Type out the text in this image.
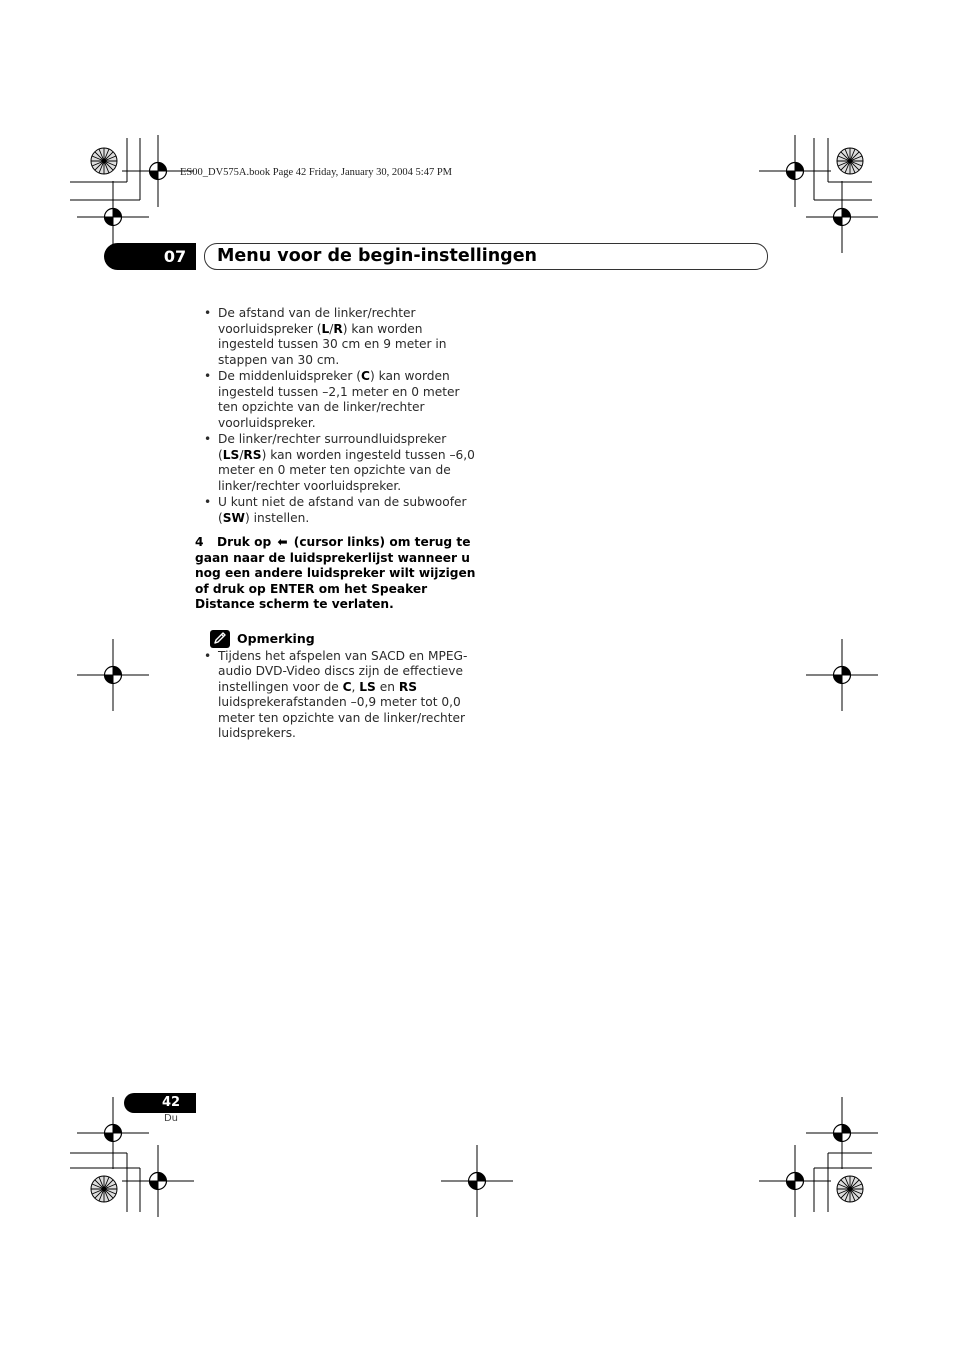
ES00_DV575A.book Page 42 Friday, January 30, 2004 5:47 PM
07 Menu voor de begin-instellingen
• De afstand van de linker/rechter voorluidspreker (L/R) kan worden ingesteld tussen 30 cm en 9 meter in stappen van 30 cm.
• De middenluidspreker (C) kan worden ingesteld tussen –2,1 meter en 0 meter ten opzichte van de linker/rechter voorluidspreker.
• De linker/rechter surroundluidspreker (LS/RS) kan worden ingesteld tussen –6,0 meter en 0 meter ten opzichte van de linker/rechter voorluidspreker.
• U kunt niet de afstand van de subwoofer (SW) instellen.
4 Druk op ⬅ (cursor links) om terug te gaan naar de luidsprekerlijst wanneer u nog een andere luidspreker wilt wijzigen of druk op ENTER om het Speaker Distance scherm te verlaten.
Opmerking
• Tijdens het afspelen van SACD en MPEG-audio DVD-Video discs zijn de effectieve instellingen voor de C, LS en RS luidsprekerafstanden –0,9 meter tot 0,0 meter ten opzichte van de linker/rechter luidsprekers.
42
Du
